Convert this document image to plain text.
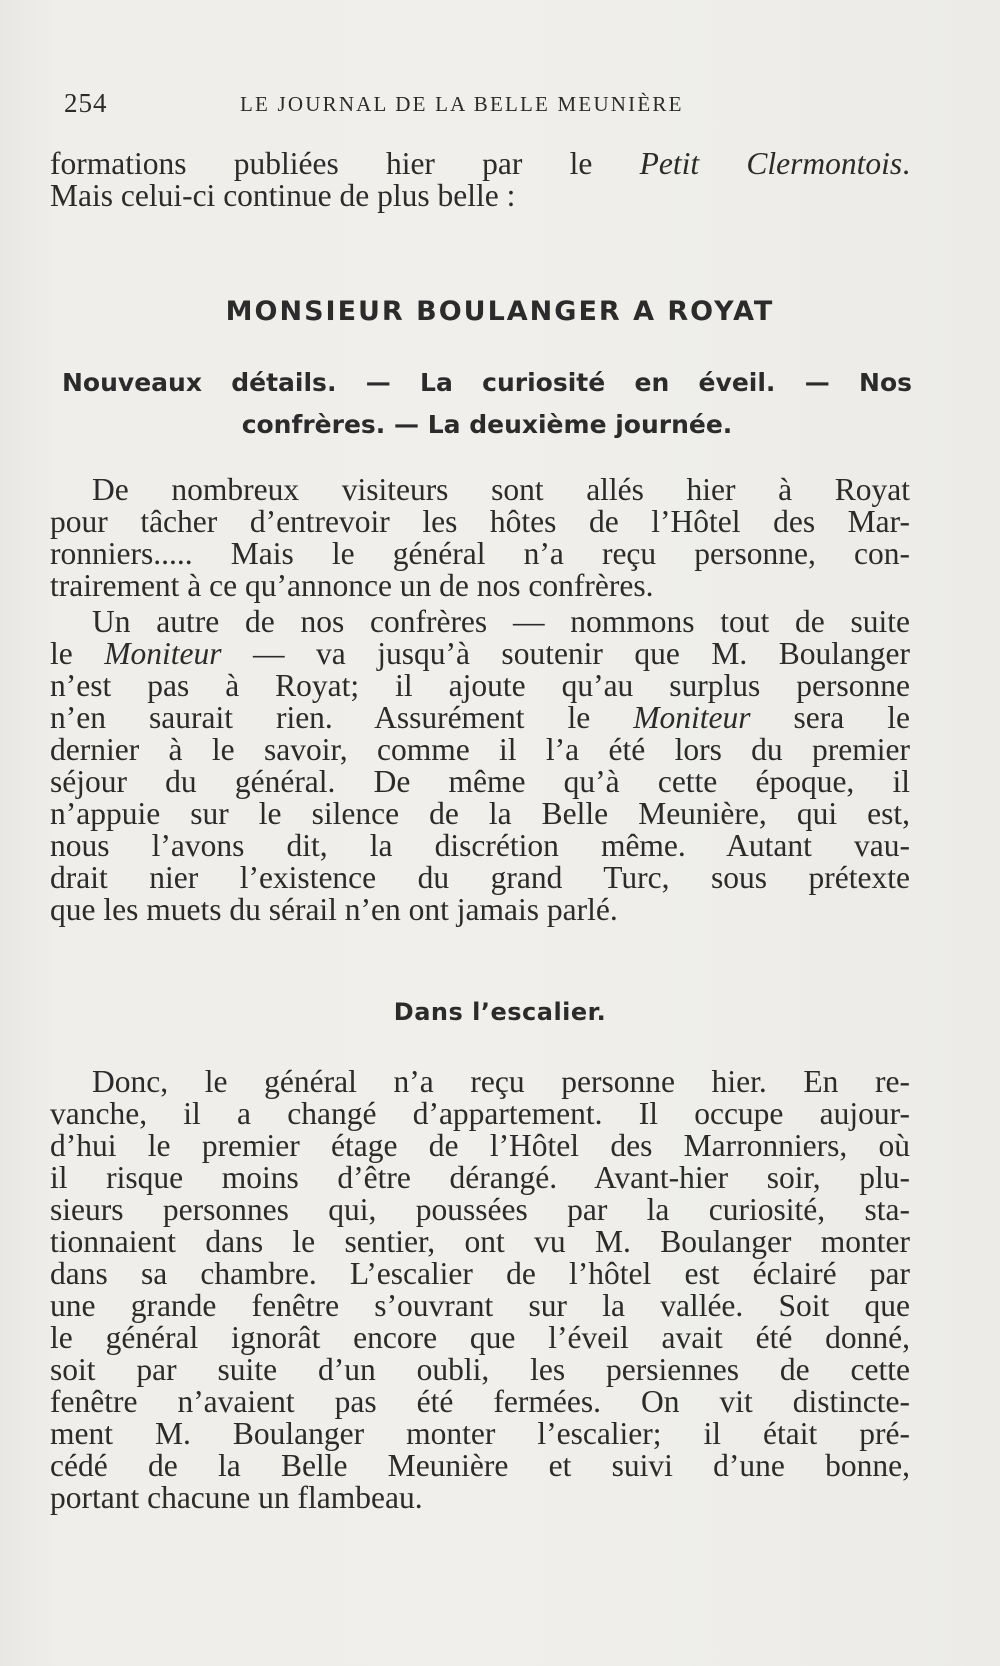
254	LE JOURNAL DE LA BELLE MEUNIÈRE

formations publiées hier par le Petit Clermontois.
Mais celui-ci continue de plus belle :

MONSIEUR BOULANGER A ROYAT
Nouveaux détails. — La curiosité en éveil. — Nos
confrères. — La deuxième journée.

De nombreux visiteurs sont allés hier à Royat
pour tâcher d’entrevoir les hôtes de l’Hôtel des Mar-
ronniers..... Mais le général n’a reçu personne, con-
trairement à ce qu’annonce un de nos confrères.

Un autre de nos confrères — nommons tout de suite
le Moniteur — va jusqu’à soutenir que M. Boulanger
n’est pas à Royat; il ajoute qu’au surplus personne
n’en saurait rien. Assurément le Moniteur sera le
dernier à le savoir, comme il l’a été lors du premier
séjour du général. De même qu’à cette époque, il
n’appuie sur le silence de la Belle Meunière, qui est,
nous l’avons dit, la discrétion même. Autant vau-
drait nier l’existence du grand Turc, sous prétexte
que les muets du sérail n’en ont jamais parlé.

Dans l’escalier.

Donc, le général n’a reçu personne hier. En re-
vanche, il a changé d’appartement. Il occupe aujour-
d’hui le premier étage de l’Hôtel des Marronniers, où
il risque moins d’être dérangé. Avant-hier soir, plu-
sieurs personnes qui, poussées par la curiosité, sta-
tionnaient dans le sentier, ont vu M. Boulanger monter
dans sa chambre. L’escalier de l’hôtel est éclairé par
une grande fenêtre s’ouvrant sur la vallée. Soit que
le général ignorât encore que l’éveil avait été donné,
soit par suite d’un oubli, les persiennes de cette
fenêtre n’avaient pas été fermées. On vit distincte-
ment M. Boulanger monter l’escalier; il était pré-
cédé de la Belle Meunière et suivi d’une bonne,
portant chacune un flambeau.
